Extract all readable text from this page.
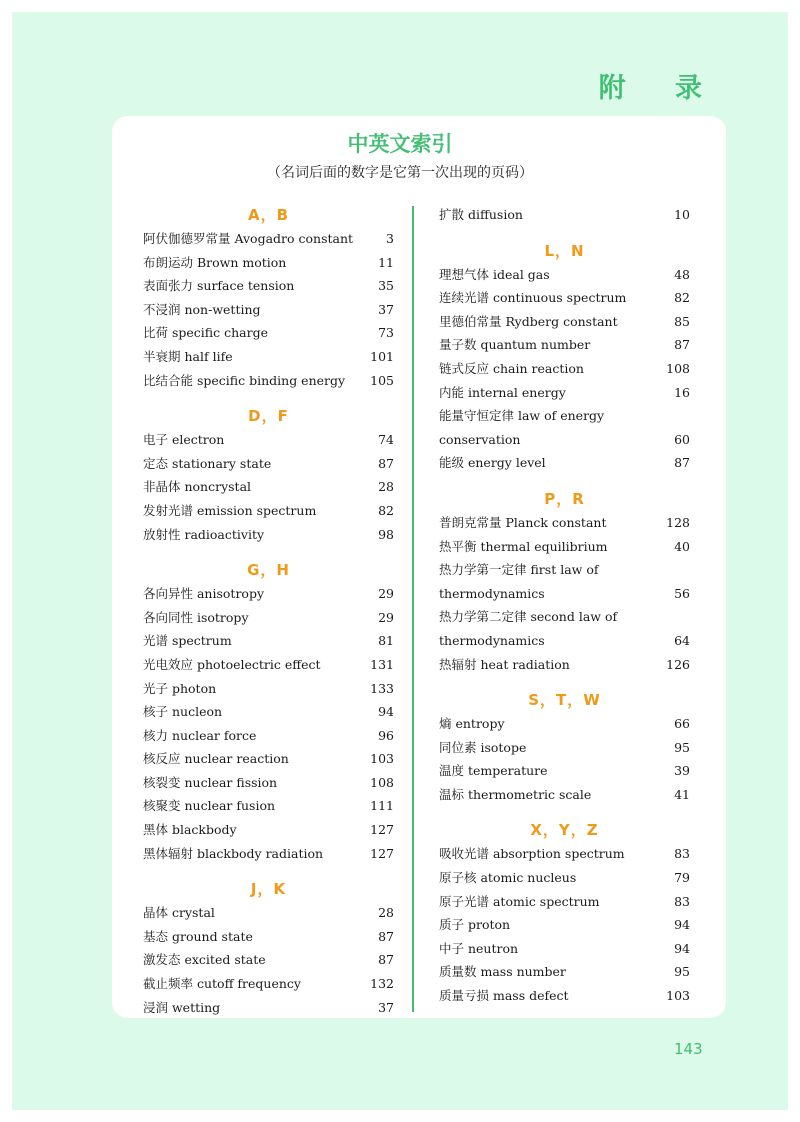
附 录
中英文索引
（名词后面的数字是它第一次出现的页码）
A，B
阿伏伽德罗常量 Avogadro constant	3
布朗运动 Brown motion	11
表面张力 surface tension	35
不浸润 non-wetting	37
比荷 specific charge	73
半衰期 half life	101
比结合能 specific binding energy 105
D，F
电子 electron	74
定态 stationary state	87
非晶体 noncrystal	28
发射光谱 emission spectrum	82
放射性 radioactivity	98
G，H
各向异性 anisotropy	29
各向同性 isotropy	29
光谱 spectrum	81
光电效应 photoelectric effect	131
光子 photon	133
核子 nucleon	94
核力 nuclear force	96
核反应 nuclear reaction	103
核裂变 nuclear fission	108
核聚变 nuclear fusion	111
黑体 blackbody	127
黑体辐射 blackbody radiation	127
J，K
晶体 crystal	28
基态 ground state	87
激发态 excited state	87
截止频率 cutoff frequency	132
浸润 wetting	37
扩散 diffusion	10
L，N
理想气体 ideal gas	48
连续光谱 continuous spectrum	82
里德伯常量 Rydberg constant	85
量子数 quantum number	87
链式反应 chain reaction	108
内能 internal energy	16
能量守恒定律 law of energy
conservation	60
能级 energy level	87
P，R
普朗克常量 Planck constant	128
热平衡 thermal equilibrium	40
热力学第一定律 first law of
thermodynamics	56
热力学第二定律 second law of
thermodynamics	64
热辐射 heat radiation	126
S，T，W
熵 entropy	66
同位素 isotope	95
温度 temperature	39
温标 thermometric scale	41
X，Y，Z
吸收光谱 absorption spectrum	83
原子核 atomic nucleus	79
原子光谱 atomic spectrum	83
质子 proton	94
中子 neutron	94
质量数 mass number	95
质量亏损 mass defect	103
143
